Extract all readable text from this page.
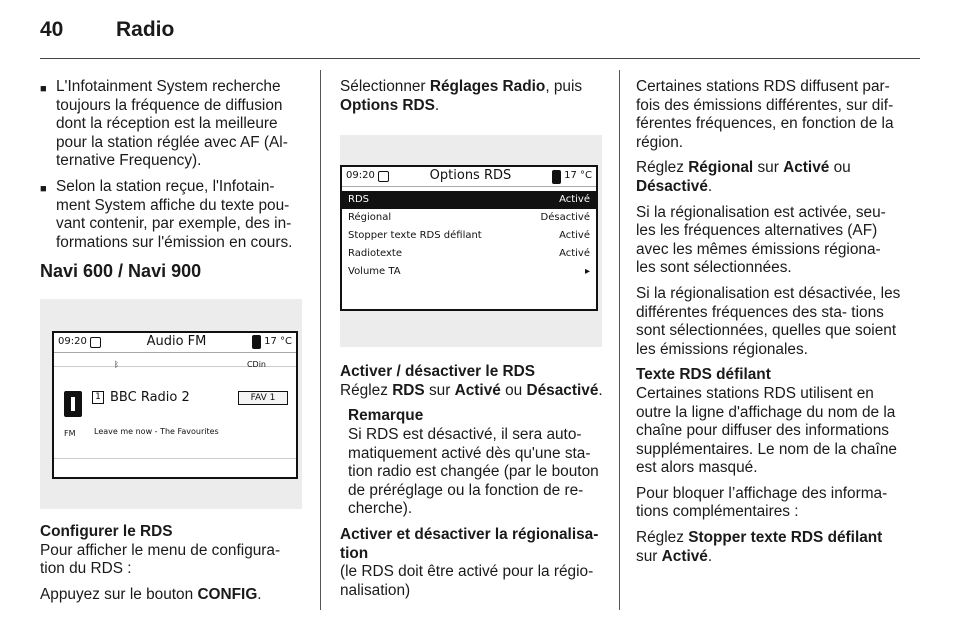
40	Radio
■ L'Infotainment System recherche toujours la fréquence de diffusion dont la réception est la meilleure pour la station réglée avec AF (Al- ternative Frequency).
■ Selon la station reçue, l'Infotain- ment System affiche du texte pou- vant contenir, par exemple, des in- formations sur l'émission en cours.
Navi 600 / Navi 900
09:20	Audio FM	17 °C
ᛒ	CDin
FM
1 BBC Radio 2	FAV 1
Leave me now - The Favourites
Configurer le RDS

Pour afficher le menu de configura- tion du RDS :

Appuyez sur le bouton CONFIG.

Sélectionner Réglages Radio, puis Options RDS.

09:20	Options RDS	17 °C
RDS	Activé
Régional	Désactivé
Stopper texte RDS défilant	Activé
Radiotexte	Activé
Volume TA	▸
Activer / désactiver le RDS

Réglez RDS sur Activé ou Désactivé.

Remarque
Si RDS est désactivé, il sera auto- matiquement activé dès qu'une sta- tion radio est changée (par le bouton de préréglage ou la fonction de re- cherche).
Activer et désactiver la régionalisa- tion

(le RDS doit être activé pour la régio- nalisation)

Certaines stations RDS diffusent par- fois des émissions différentes, sur dif- férentes fréquences, en fonction de la région.

Réglez Régional sur Activé ou
Désactivé.

Si la régionalisation est activée, seu- les les fréquences alternatives (AF) avec les mêmes émissions régiona- les sont sélectionnées.

Si la régionalisation est désactivée, les différentes fréquences des sta- tions sont sélectionnées, quelles que soient les émissions régionales.

Texte RDS défilant

Certaines stations RDS utilisent en outre la ligne d'affichage du nom de la chaîne pour diffuser des informations supplémentaires. Le nom de la chaîne est alors masqué.

Pour bloquer l’affichage des informa- tions complémentaires :

Réglez Stopper texte RDS défilant
sur Activé.
